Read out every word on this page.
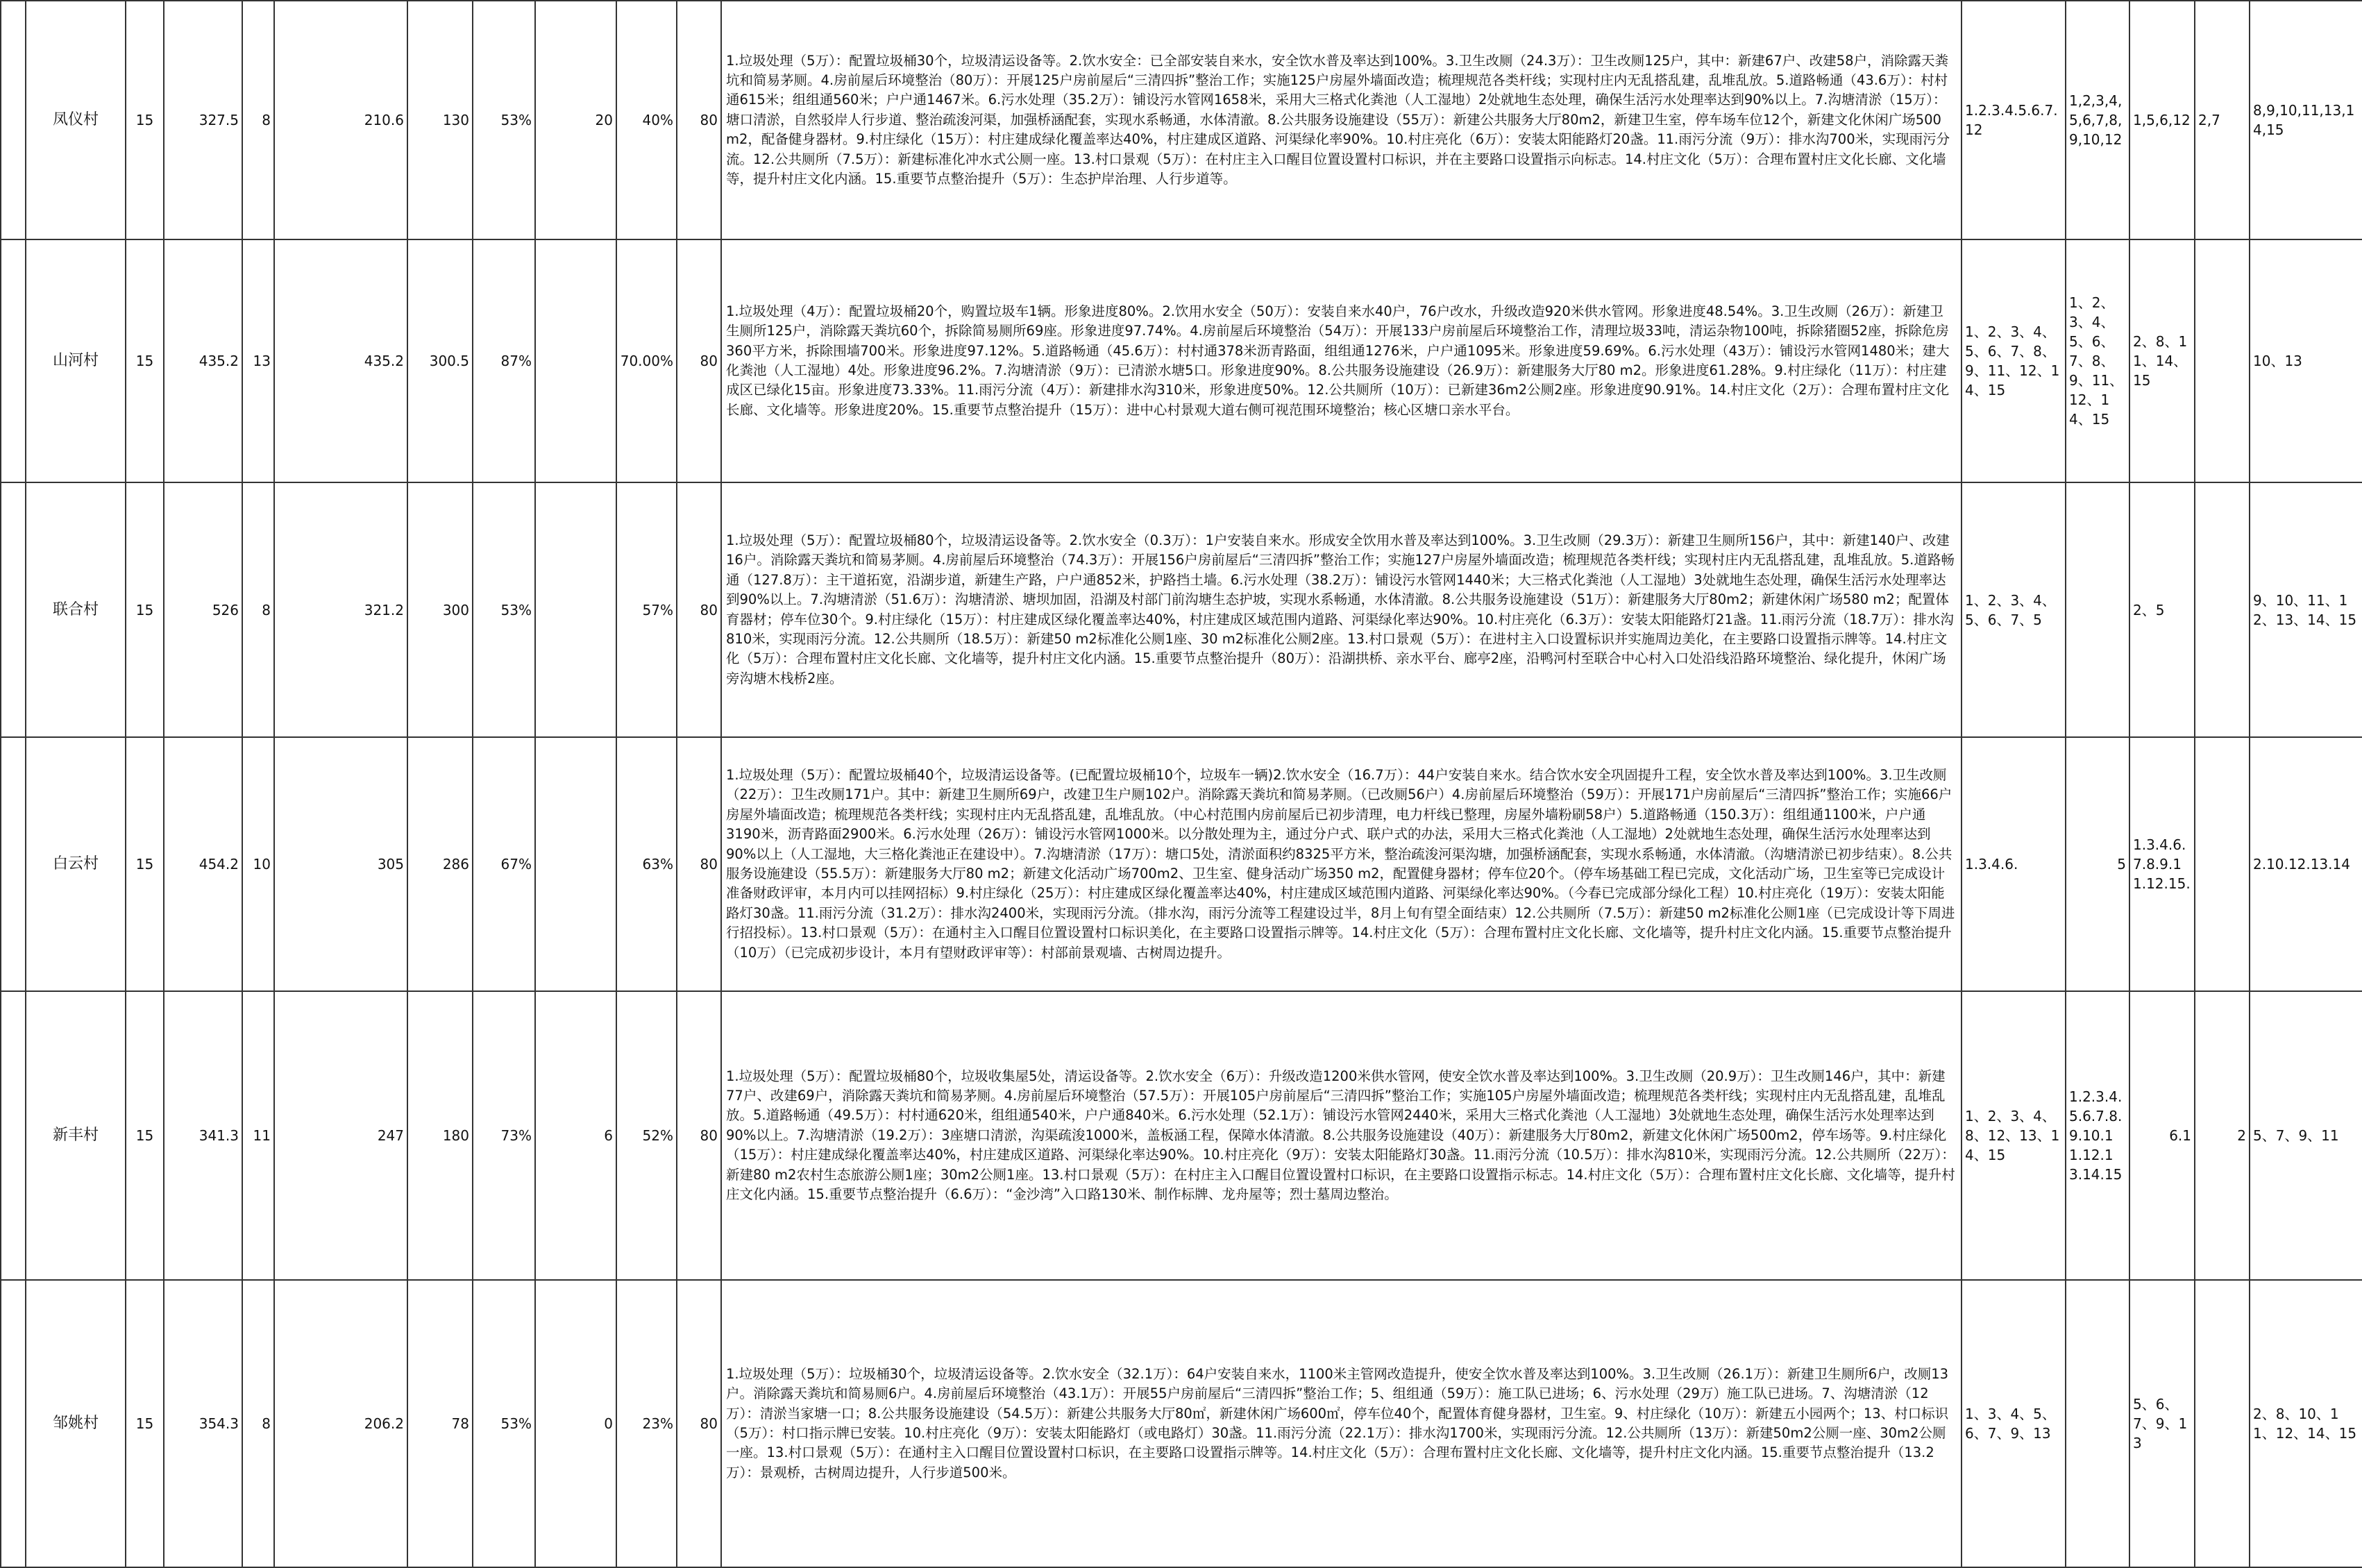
	凤仪村	15	327.5	8	210.6	130	53%	20	40%	80	1.垃圾处理（5万）：配置垃圾桶30个，垃圾清运设备等。2.饮水安全：已全部安装自来水，安全饮水普及率达到100%。3.卫生改厕（24.3万）：卫生改厕125户，其中：新建67户、改建58户，消除露天粪坑和简易茅厕。4.房前屋后环境整治（80万）：开展125户房前屋后“三清四拆”整治工作；实施125户房屋外墙面改造；梳理规范各类杆线；实现村庄内无乱搭乱建，乱堆乱放。5.道路畅通（43.6万）：村村通615米；组组通560米；户户通1467米。6.污水处理（35.2万）：铺设污水管网1658米，采用大三格式化粪池（人工湿地）2处就地生态处理，确保生活污水处理率达到90%以上。7.沟塘清淤（15万）：塘口清淤，自然驳岸人行步道、整治疏浚河渠，加强桥涵配套，实现水系畅通，水体清澈。8.公共服务设施建设（55万）：新建公共服务大厅80m2，新建卫生室，停车场车位12个，新建文化休闲广场500 m2，配备健身器材。9.村庄绿化（15万）：村庄建成绿化覆盖率达40%，村庄建成区道路、河渠绿化率90%。10.村庄亮化（6万）：安装太阳能路灯20盏。11.雨污分流（9万）：排水沟700米，实现雨污分流。12.公共厕所（7.5万）：新建标准化冲水式公厕一座。13.村口景观（5万）：在村庄主入口醒目位置设置村口标识，并在主要路口设置指示向标志。14.村庄文化（5万）：合理布置村庄文化长廊、文化墙等，提升村庄文化内涵。15.重要节点整治提升（5万）：生态护岸治理、人行步道等。	1.2.3.4.5.6.7.12	1,2,3,4,5,6,7,8,9,10,12	1,5,6,12	2,7	8,9,10,11,13,14,15
	山河村	15	435.2	13	435.2	300.5	87%		70.00%	80	1.垃圾处理（4万）：配置垃圾桶20个，购置垃圾车1辆。形象进度80%。2.饮用水安全（50万）：安装自来水40户，76户改水，升级改造920米供水管网。形象进度48.54%。3.卫生改厕（26万）：新建卫生厕所125户，消除露天粪坑60个，拆除简易厕所69座。形象进度97.74%。4.房前屋后环境整治（54万）：开展133户房前屋后环境整治工作，清理垃圾33吨，清运杂物100吨，拆除猪圈52座，拆除危房360平方米，拆除围墙700米。形象进度97.12%。5.道路畅通（45.6万）：村村通378米沥青路面，组组通1276米，户户通1095米。形象进度59.69%。6.污水处理（43万）：铺设污水管网1480米；建大化粪池（人工湿地）4处。形象进度96.2%。7.沟塘清淤（9万）：已清淤水塘5口。形象进度90%。8.公共服务设施建设（26.9万）：新建服务大厅80 m2。形象进度61.28%。9.村庄绿化（11万）：村庄建成区已绿化15亩。形象进度73.33%。11.雨污分流（4万）：新建排水沟310米，形象进度50%。12.公共厕所（10万）：已新建36m2公厕2座。形象进度90.91%。14.村庄文化（2万）：合理布置村庄文化长廊、文化墙等。形象进度20%。15.重要节点整治提升（15万）：进中心村景观大道右侧可视范围环境整治；核心区塘口亲水平台。	1、2、3、4、5、6、7、8、9、11、12、14、15	1、2、3、4、5、6、7、8、9、11、12、14、15	2、8、11、14、15		10、13
	联合村	15	526	8	321.2	300	53%		57%	80	1.垃圾处理（5万）：配置垃圾桶80个，垃圾清运设备等。2.饮水安全（0.3万）：1户安装自来水。形成安全饮用水普及率达到100%。3.卫生改厕（29.3万）：新建卫生厕所156户，其中：新建140户、改建16户。消除露天粪坑和简易茅厕。4.房前屋后环境整治（74.3万）：开展156户房前屋后“三清四拆”整治工作；实施127户房屋外墙面改造；梳理规范各类杆线；实现村庄内无乱搭乱建，乱堆乱放。5.道路畅通（127.8万）：主干道拓宽，沿湖步道，新建生产路，户户通852米，护路挡土墙。6.污水处理（38.2万）：铺设污水管网1440米；大三格式化粪池（人工湿地）3处就地生态处理，确保生活污水处理率达到90%以上。7.沟塘清淤（51.6万）：沟塘清淤、塘坝加固，沿湖及村部门前沟塘生态护坡，实现水系畅通，水体清澈。8.公共服务设施建设（51万）：新建服务大厅80m2；新建休闲广场580 m2；配置体育器材；停车位30个。9.村庄绿化（15万）：村庄建成区绿化覆盖率达40%，村庄建成区域范围内道路、河渠绿化率达90%。10.村庄亮化（6.3万）：安装太阳能路灯21盏。11.雨污分流（18.7万）：排水沟810米，实现雨污分流。12.公共厕所（18.5万）：新建50 m2标准化公厕1座、30 m2标准化公厕2座。13.村口景观（5万）：在进村主入口设置标识并实施周边美化，在主要路口设置指示牌等。14.村庄文化（5万）：合理布置村庄文化长廊、文化墙等，提升村庄文化内涵。15.重要节点整治提升（80万）：沿湖拱桥、亲水平台、廊亭2座，沿鸭河村至联合中心村入口处沿线沿路环境整治、绿化提升，休闲广场旁沟塘木栈桥2座。	1、2、3、4、5、6、7、5		2、5		9、10、11、12、13、14、15
	白云村	15	454.2	10	305	286	67%		63%	80	1.垃圾处理（5万）：配置垃圾桶40个，垃圾清运设备等。(已配置垃圾桶10个，垃圾车一辆)2.饮水安全（16.7万）：44户安装自来水。结合饮水安全巩固提升工程，安全饮水普及率达到100%。3.卫生改厕（22万）：卫生改厕171户。其中：新建卫生厕所69户，改建卫生户厕102户。消除露天粪坑和简易茅厕。（已改厕56户）4.房前屋后环境整治（59万）：开展171户房前屋后“三清四拆”整治工作；实施66户房屋外墙面改造；梳理规范各类杆线；实现村庄内无乱搭乱建，乱堆乱放。（中心村范围内房前屋后已初步清理，电力杆线已整理，房屋外墙粉刷58户）5.道路畅通（150.3万）：组组通1100米，户户通3190米，沥青路面2900米。6.污水处理（26万）：铺设污水管网1000米。以分散处理为主，通过分户式、联户式的办法，采用大三格式化粪池（人工湿地）2处就地生态处理，确保生活污水处理率达到90%以上（人工湿地，大三格化粪池正在建设中）。7.沟塘清淤（17万）：塘口5处，清淤面积约8325平方米，整治疏浚河渠沟塘，加强桥涵配套，实现水系畅通，水体清澈。（沟塘清淤已初步结束）。8.公共服务设施建设（55.5万）：新建服务大厅80 m2；新建文化活动广场700m2、卫生室、健身活动广场350 m2，配置健身器材；停车位20个。（停车场基础工程已完成，文化活动广场，卫生室等已完成设计准备财政评审，本月内可以挂网招标）9.村庄绿化（25万）：村庄建成区绿化覆盖率达40%，村庄建成区域范围内道路、河渠绿化率达90%。（今春已完成部分绿化工程）10.村庄亮化（19万）：安装太阳能路灯30盏。11.雨污分流（31.2万）：排水沟2400米，实现雨污分流。（排水沟，雨污分流等工程建设过半，8月上旬有望全面结束）12.公共厕所（7.5万）：新建50 m2标准化公厕1座（已完成设计等下周进行招投标）。13.村口景观（5万）：在通村主入口醒目位置设置村口标识美化，在主要路口设置指示牌等。14.村庄文化（5万）：合理布置村庄文化长廊、文化墙等，提升村庄文化内涵。15.重要节点整治提升（10万）（已完成初步设计，本月有望财政评审等）：村部前景观墙、古树周边提升。	1.3.4.6.	5	1.3.4.6.7.8.9.11.12.15.		2.10.12.13.14
	新丰村	15	341.3	11	247	180	73%	6	52%	80	1.垃圾处理（5万）：配置垃圾桶80个，垃圾收集屋5处，清运设备等。2.饮水安全（6万）：升级改造1200米供水管网，使安全饮水普及率达到100%。3.卫生改厕（20.9万）：卫生改厕146户，其中：新建77户、改建69户，消除露天粪坑和简易茅厕。4.房前屋后环境整治（57.5万）：开展105户房前屋后“三清四拆”整治工作；实施105户房屋外墙面改造；梳理规范各类杆线；实现村庄内无乱搭乱建，乱堆乱放。5.道路畅通（49.5万）：村村通620米，组组通540米，户户通840米。6.污水处理（52.1万）：铺设污水管网2440米，采用大三格式化粪池（人工湿地）3处就地生态处理，确保生活污水处理率达到90%以上。7.沟塘清淤（19.2万）：3座塘口清淤，沟渠疏浚1000米，盖板涵工程，保障水体清澈。8.公共服务设施建设（40万）：新建服务大厅80m2，新建文化休闲广场500m2，停车场等。9.村庄绿化（15万）：村庄建成绿化覆盖率达40%，村庄建成区道路、河渠绿化率达90%。10.村庄亮化（9万）：安装太阳能路灯30盏。11.雨污分流（10.5万）：排水沟810米，实现雨污分流。12.公共厕所（22万）：新建80 m2农村生态旅游公厕1座；30m2公厕1座。13.村口景观（5万）：在村庄主入口醒目位置设置村口标识，在主要路口设置指示标志。14.村庄文化（5万）：合理布置村庄文化长廊、文化墙等，提升村庄文化内涵。15.重要节点整治提升（6.6万）：“金沙湾”入口路130米、制作标牌、龙舟屋等；烈士墓周边整治。	1、2、3、4、8、12、13、14、15	1.2.3.4.5.6.7.8.9.10.11.12.13.14.15	6.1	2	5、7、9、11
	邹姚村	15	354.3	8	206.2	78	53%	0	23%	80	1.垃圾处理（5万）：垃圾桶30个，垃圾清运设备等。2.饮水安全（32.1万）：64户安装自来水，1100米主管网改造提升，使安全饮水普及率达到100%。3.卫生改厕（26.1万）：新建卫生厕所6户，改厕13户。消除露天粪坑和简易厕6户。4.房前屋后环境整治（43.1万）：开展55户房前屋后“三清四拆”整治工作；5、组组通（59万）：施工队已进场；6、污水处理（29万）施工队已进场。7、沟塘清淤（12万）：清淤当家塘一口；8.公共服务设施建设（54.5万）：新建公共服务大厅80㎡，新建休闲广场600㎡，停车位40个，配置体育健身器材，卫生室。9、村庄绿化（10万）：新建五小园两个；13、村口标识（5万）：村口指示牌已安装。10.村庄亮化（9万）：安装太阳能路灯（或电路灯）30盏。11.雨污分流（22.1万）：排水沟1700米，实现雨污分流。12.公共厕所（13万）：新建50m2公厕一座、30m2公厕一座。13.村口景观（5万）：在通村主入口醒目位置设置村口标识，在主要路口设置指示牌等。14.村庄文化（5万）：合理布置村庄文化长廊、文化墙等，提升村庄文化内涵。15.重要节点整治提升（13.2万）：景观桥，古树周边提升，人行步道500米。	1、3、4、5、6、7、9、13		5、6、7、9、13		2、8、10、11、12、14、15
